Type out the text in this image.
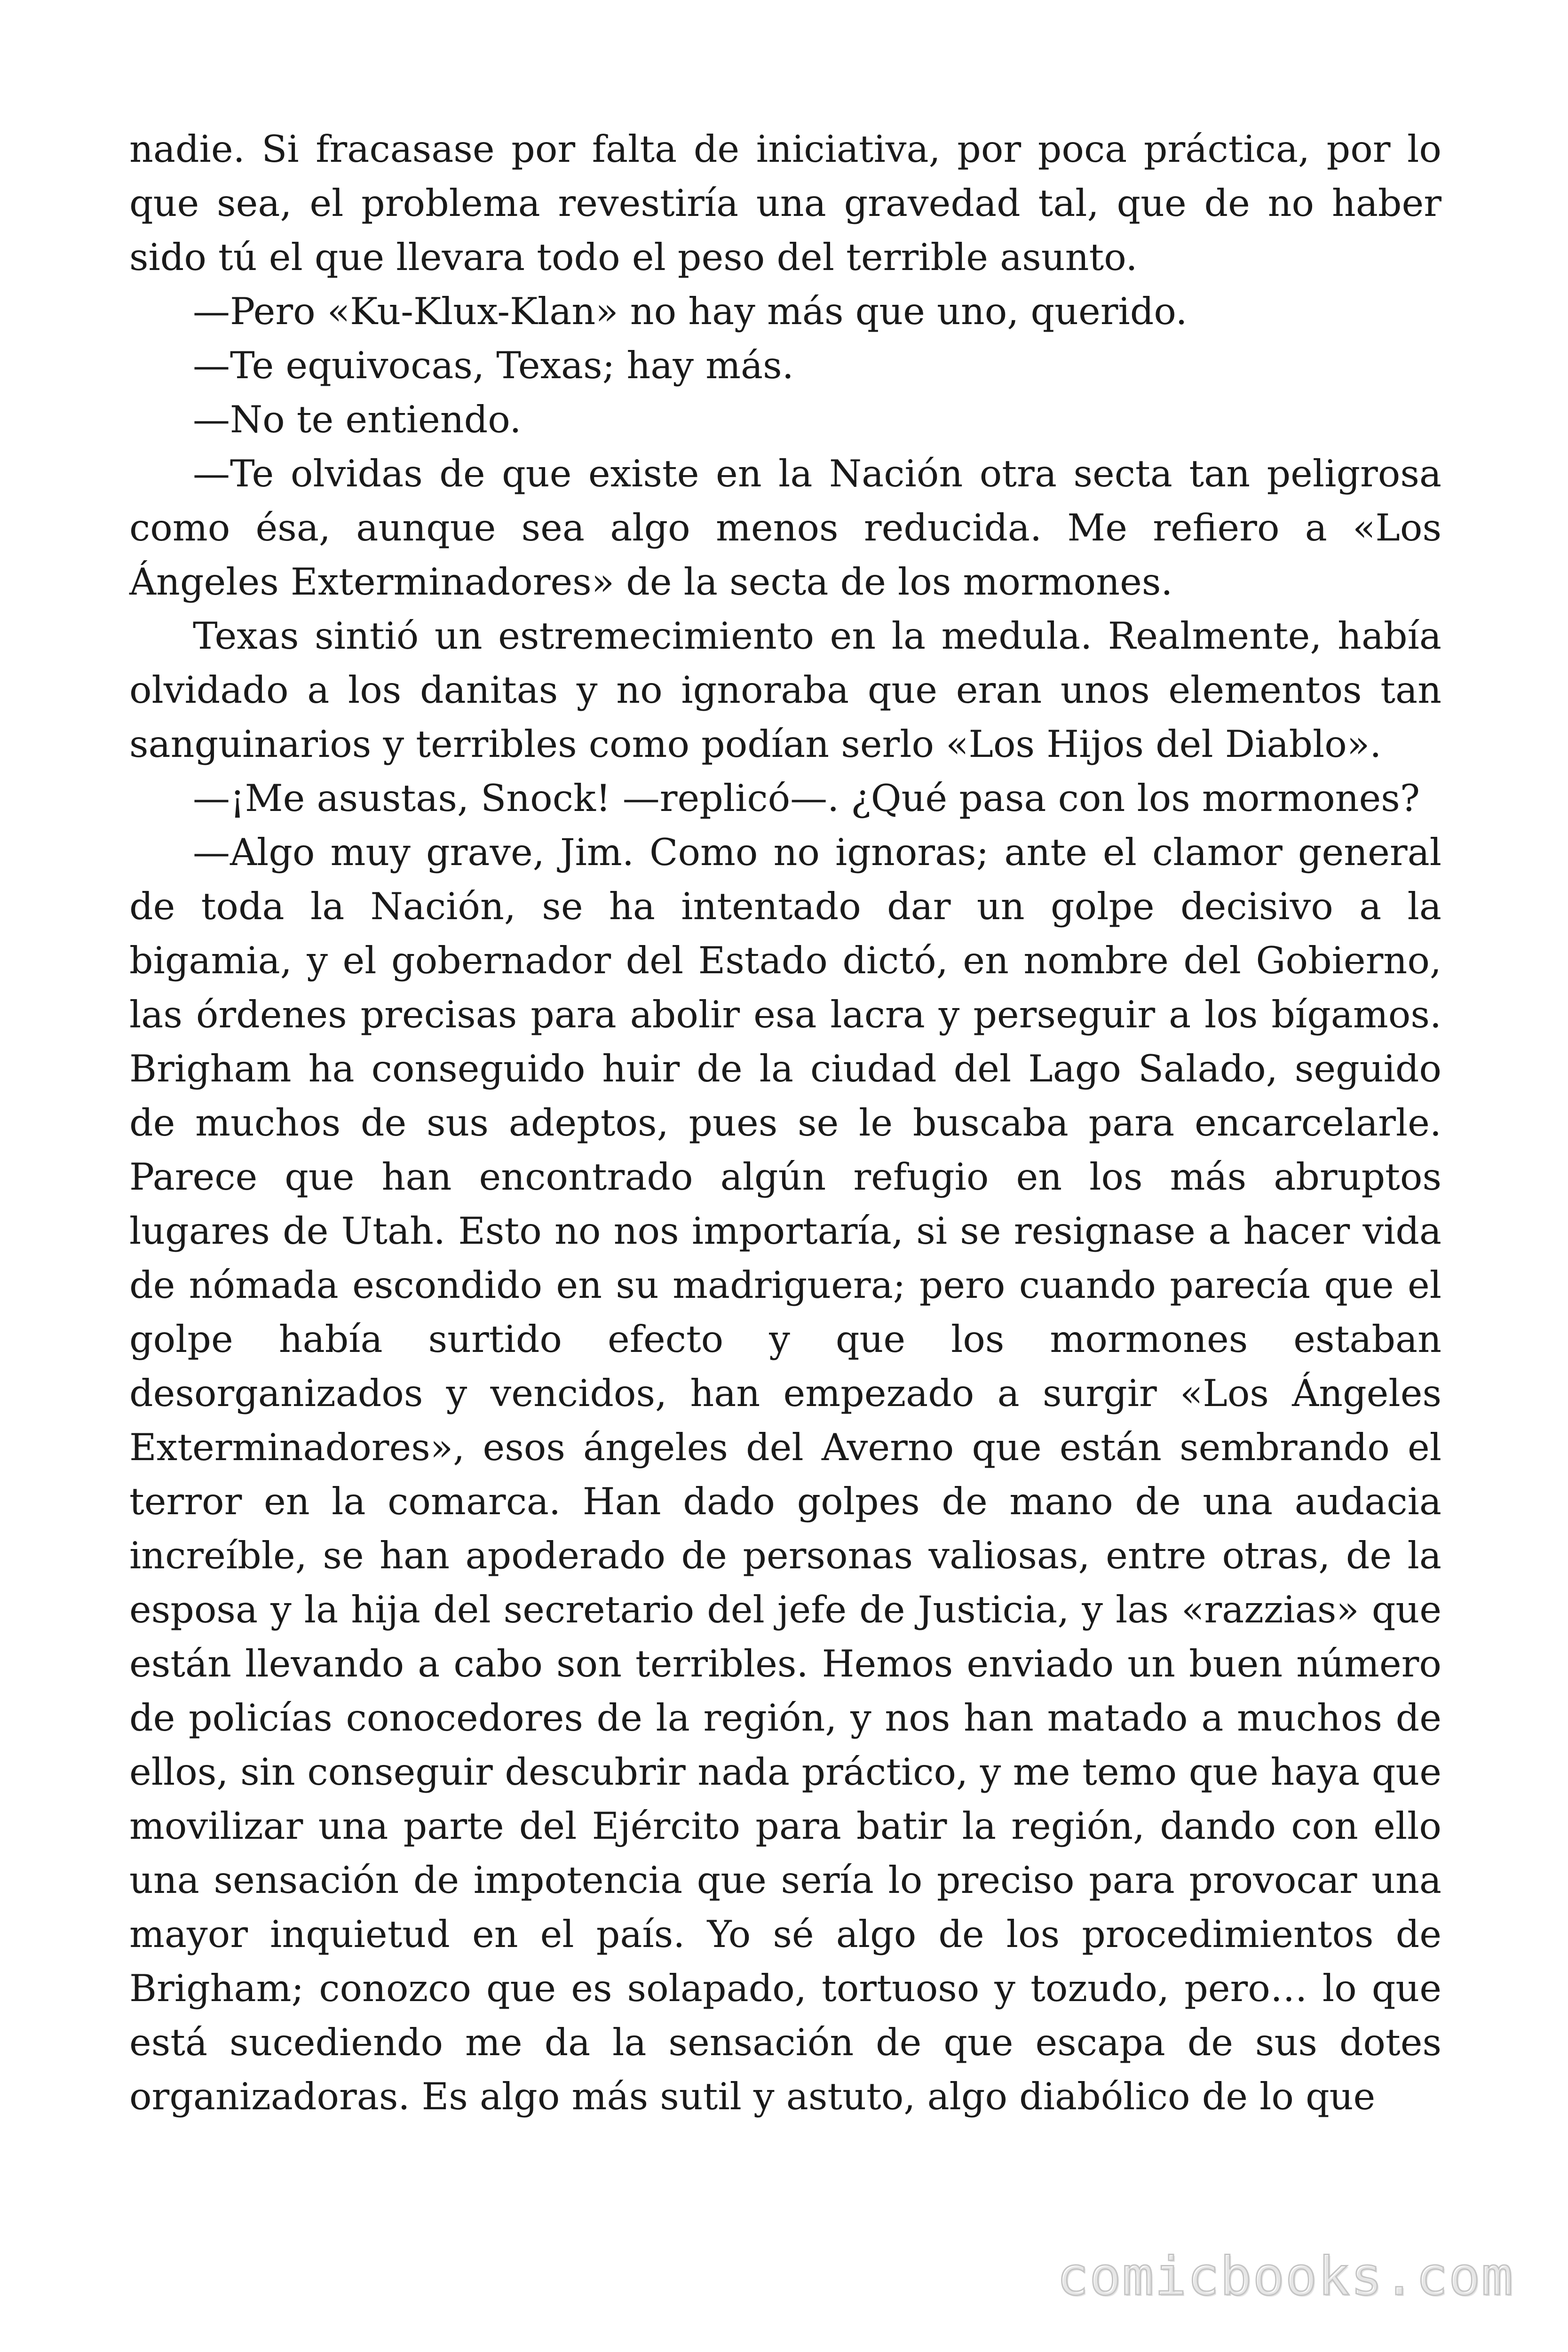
nadie. Si fracasase por falta de iniciativa, por poca práctica, por lo que sea, el problema revestiría una gravedad tal, que de no haber sido tú el que llevara todo el peso del terrible asunto.

—Pero «Ku-Klux-Klan» no hay más que uno, querido.

—Te equivocas, Texas; hay más.

—No te entiendo.

—Te olvidas de que existe en la Nación otra secta tan peligrosa como ésa, aunque sea algo menos reducida. Me refiero a «Los Ángeles Exterminadores» de la secta de los mormones.

Texas sintió un estremecimiento en la medula. Realmente, había olvidado a los danitas y no ignoraba que eran unos elementos tan sanguinarios y terribles como podían serlo «Los Hijos del Diablo».

—¡Me asustas, Snock! —replicó—. ¿Qué pasa con los mormones?

—Algo muy grave, Jim. Como no ignoras; ante el clamor general de toda la Nación, se ha intentado dar un golpe decisivo a la bigamia, y el gobernador del Estado dictó, en nombre del Gobierno, las órdenes precisas para abolir esa lacra y perseguir a los bígamos. Brigham ha conseguido huir de la ciudad del Lago Salado, seguido de muchos de sus adeptos, pues se le buscaba para encarcelarle. Parece que han encontrado algún refugio en los más abruptos lugares de Utah. Esto no nos importaría, si se resignase a hacer vida de nómada escondido en su madriguera; pero cuando parecía que el golpe había surtido efecto y que los mormones estaban desorganizados y vencidos, han empezado a surgir «Los Ángeles Exterminadores», esos ángeles del Averno que están sembrando el terror en la comarca. Han dado golpes de mano de una audacia increíble, se han apoderado de personas valiosas, entre otras, de la esposa y la hija del secretario del jefe de Justicia, y las «razzias» que están llevando a cabo son terribles. Hemos enviado un buen número de policías conocedores de la región, y nos han matado a muchos de ellos, sin conseguir descubrir nada práctico, y me temo que haya que movilizar una parte del Ejército para batir la región, dando con ello una sensación de impotencia que sería lo preciso para provocar una mayor inquietud en el país. Yo sé algo de los procedimientos de Brigham; conozco que es solapado, tortuoso y tozudo, pero… lo que está sucediendo me da la sensación de que escapa de sus dotes organizadoras. Es algo más sutil y astuto, algo diabólico de lo que

comicbooks.com
